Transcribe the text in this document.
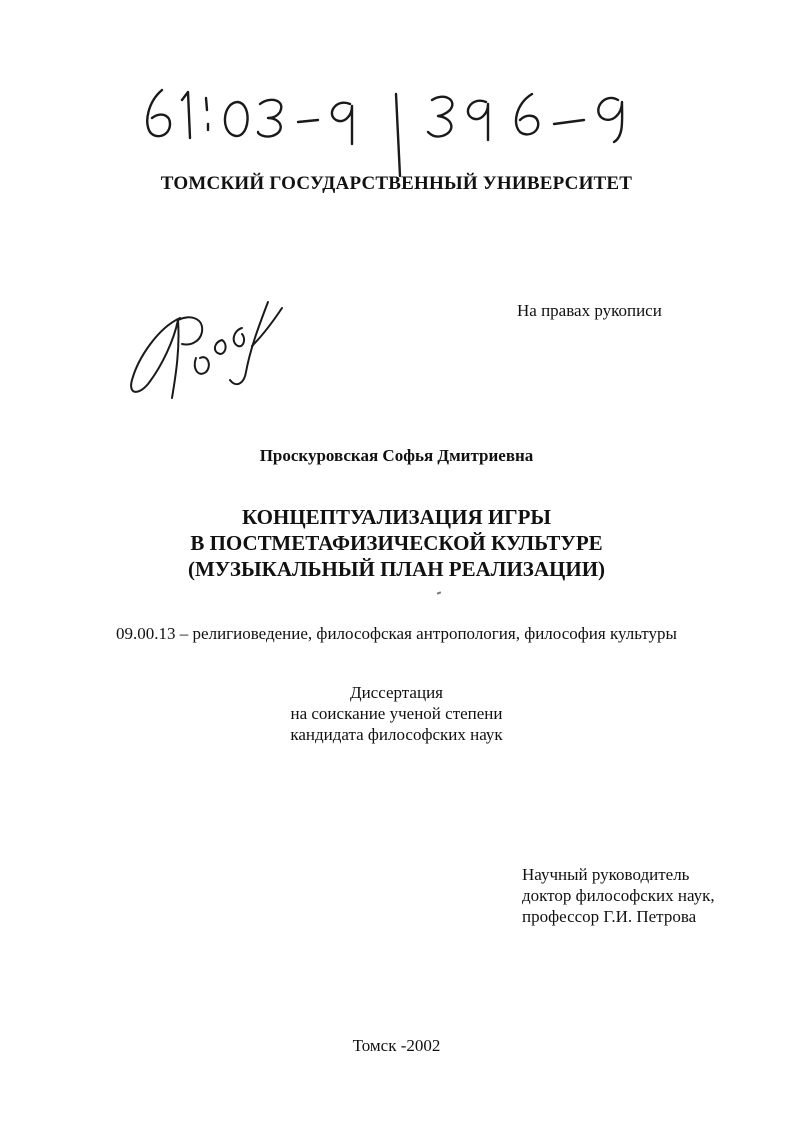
ТОМСКИЙ ГОСУДАРСТВЕННЫЙ УНИВЕРСИТЕТ
На правах рукописи
Проскуровская Софья Дмитриевна
КОНЦЕПТУАЛИЗАЦИЯ ИГРЫ
В ПОСТМЕТАФИЗИЧЕСКОЙ КУЛЬТУРЕ
(МУЗЫКАЛЬНЫЙ ПЛАН РЕАЛИЗАЦИИ)
09.00.13 – религиоведение, философская антропология, философия культуры
Диссертация
на соискание ученой степени
кандидата философских наук
Научный руководитель
доктор философских наук,
профессор Г.И. Петрова
Томск -2002
